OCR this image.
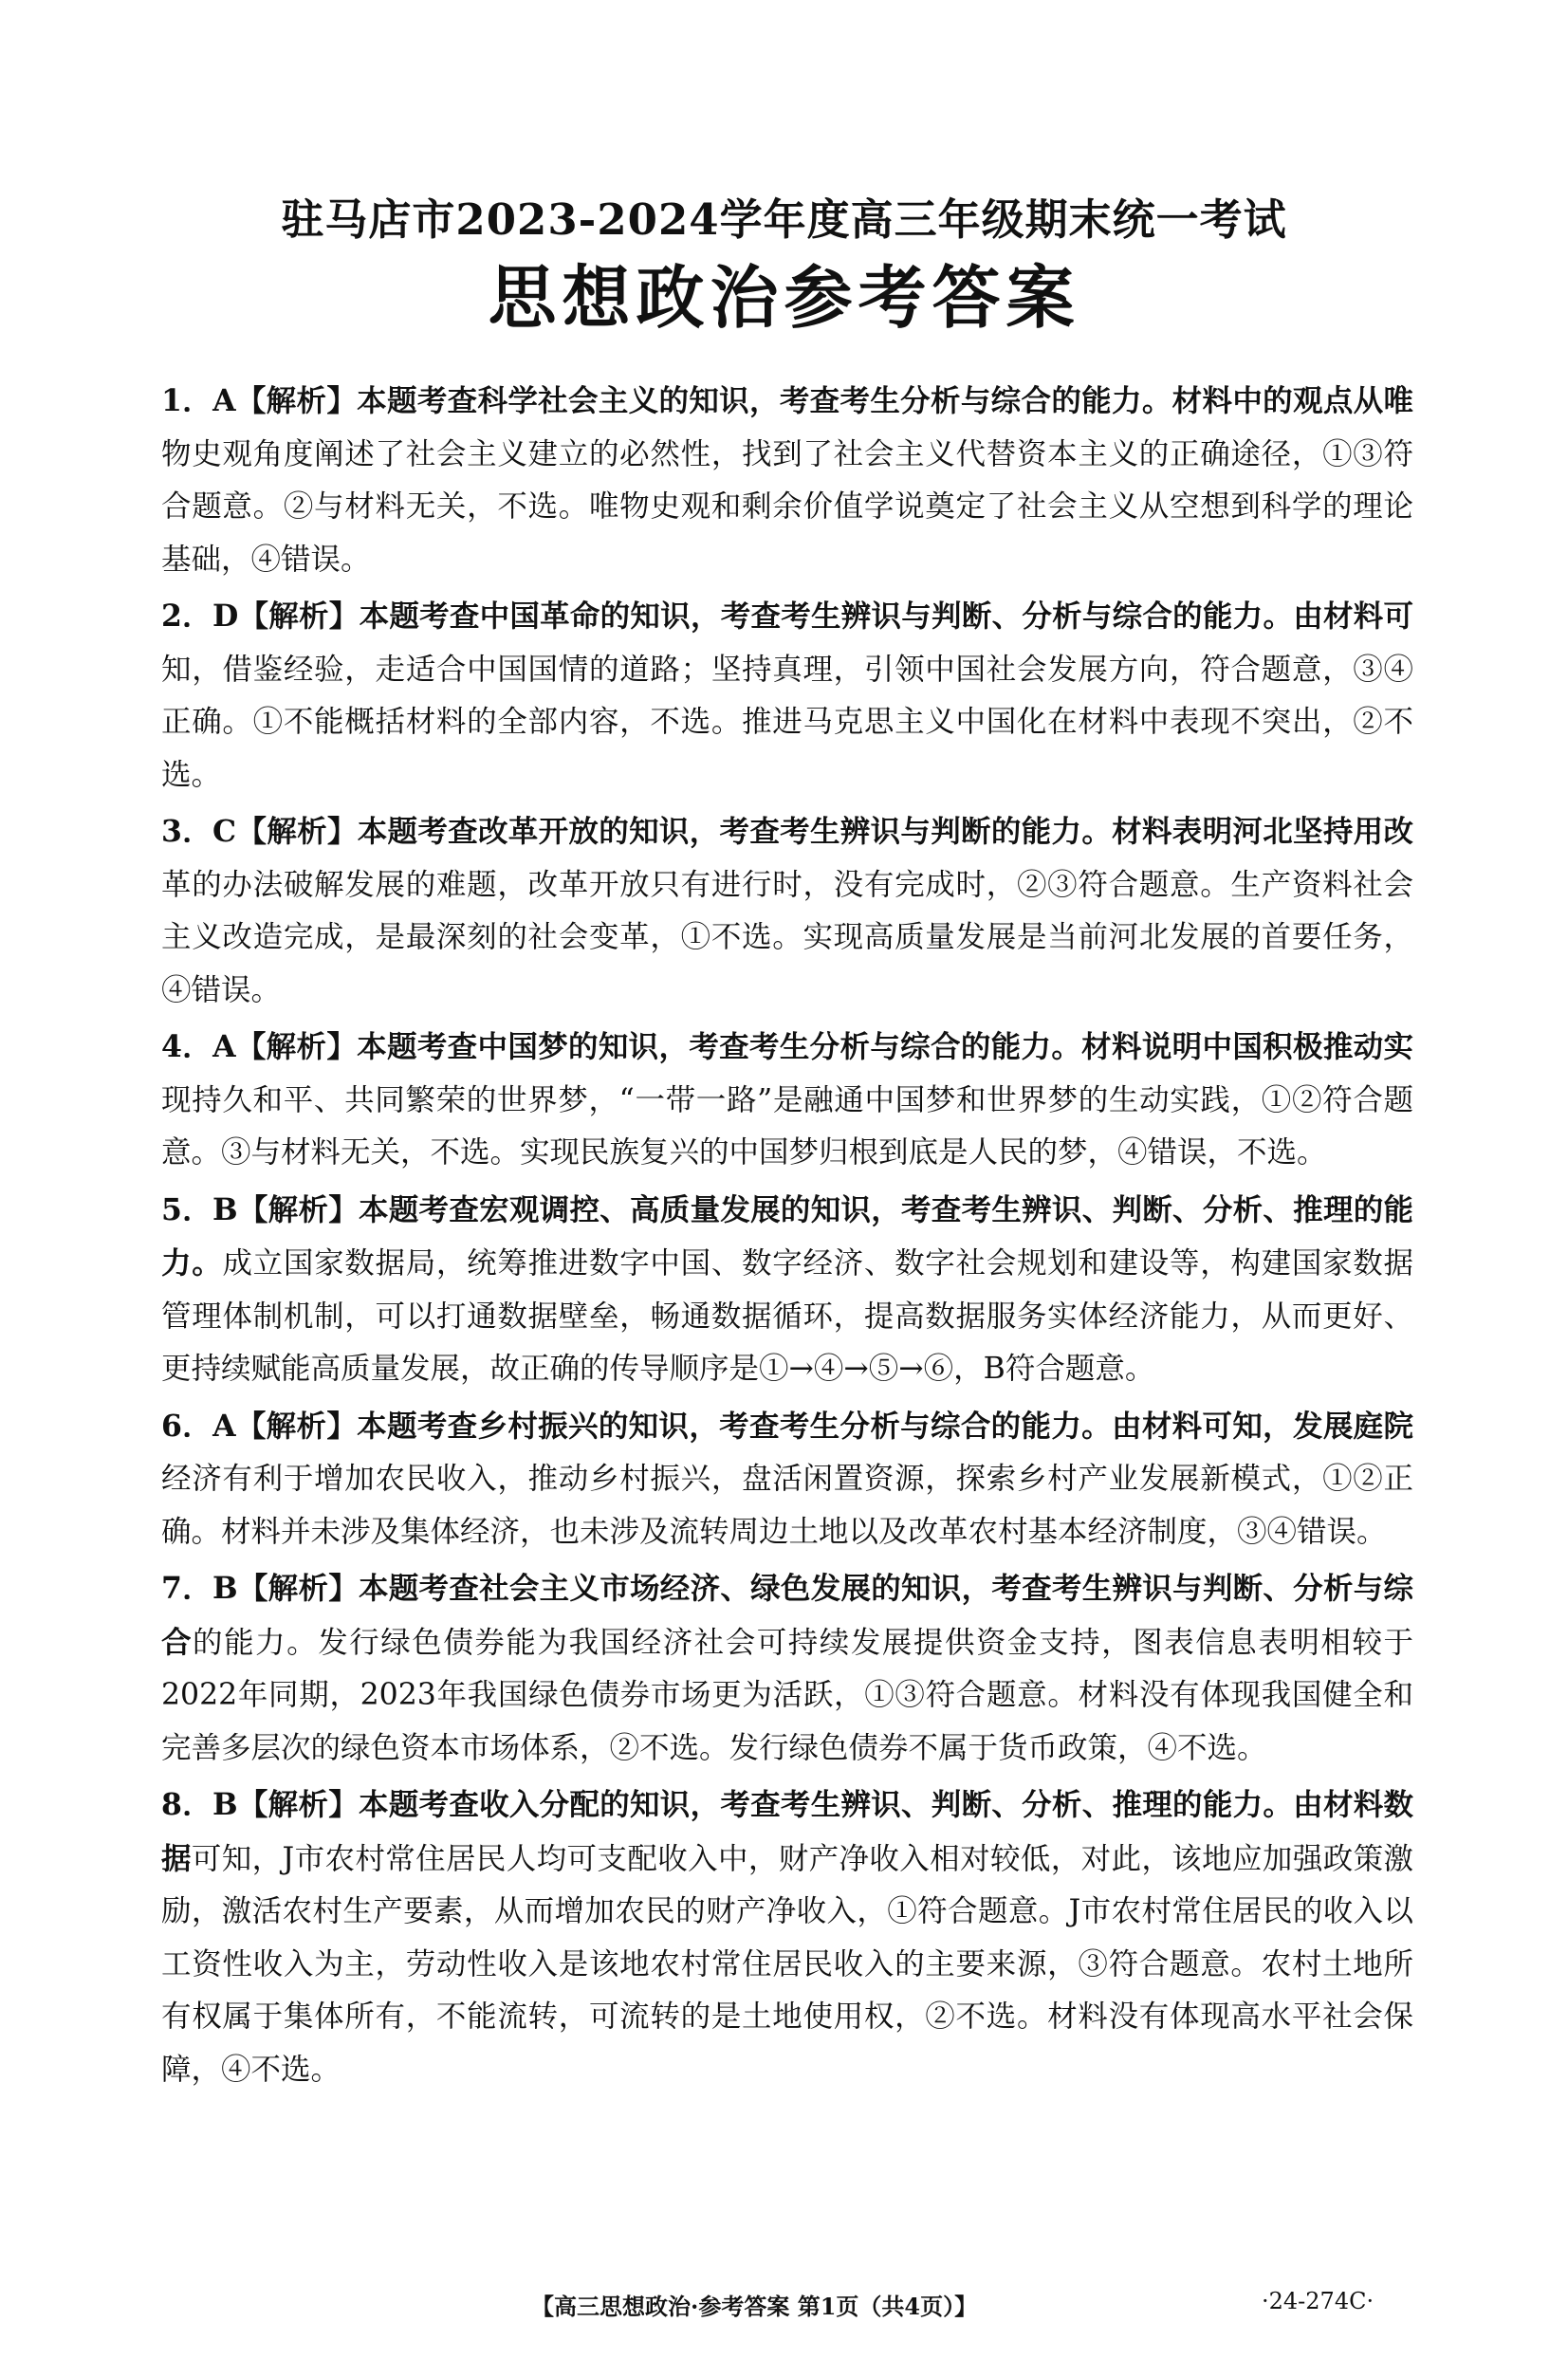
驻马店市2023-2024学年度高三年级期末统一考试
思想政治参考答案

1．A【解析】本题考查科学社会主义的知识，考查考生分析与综合的能力。材料中的观点从唯物史观角度阐述了社会主义建立的必然性，找到了社会主义代替资本主义的正确途径，①③符合题意。②与材料无关，不选。唯物史观和剩余价值学说奠定了社会主义从空想到科学的理论基础，④错误。

2．D【解析】本题考查中国革命的知识，考查考生辨识与判断、分析与综合的能力。由材料可知，借鉴经验，走适合中国国情的道路；坚持真理，引领中国社会发展方向，符合题意，③④正确。①不能概括材料的全部内容，不选。推进马克思主义中国化在材料中表现不突出，②不选。

3．C【解析】本题考查改革开放的知识，考查考生辨识与判断的能力。材料表明河北坚持用改革的办法破解发展的难题，改革开放只有进行时，没有完成时，②③符合题意。生产资料社会主义改造完成，是最深刻的社会变革，①不选。实现高质量发展是当前河北发展的首要任务，④错误。

4．A【解析】本题考查中国梦的知识，考查考生分析与综合的能力。材料说明中国积极推动实现持久和平、共同繁荣的世界梦，“一带一路”是融通中国梦和世界梦的生动实践，①②符合题意。③与材料无关，不选。实现民族复兴的中国梦归根到底是人民的梦，④错误，不选。

5．B【解析】本题考查宏观调控、高质量发展的知识，考查考生辨识、判断、分析、推理的能力。成立国家数据局，统筹推进数字中国、数字经济、数字社会规划和建设等，构建国家数据管理体制机制，可以打通数据壁垒，畅通数据循环，提高数据服务实体经济能力，从而更好、更持续赋能高质量发展，故正确的传导顺序是①→④→⑤→⑥，B符合题意。

6．A【解析】本题考查乡村振兴的知识，考查考生分析与综合的能力。由材料可知，发展庭院经济有利于增加农民收入，推动乡村振兴，盘活闲置资源，探索乡村产业发展新模式，①②正确。材料并未涉及集体经济，也未涉及流转周边土地以及改革农村基本经济制度，③④错误。

7．B【解析】本题考查社会主义市场经济、绿色发展的知识，考查考生辨识与判断、分析与综合的能力。发行绿色债券能为我国经济社会可持续发展提供资金支持，图表信息表明相较于2022年同期，2023年我国绿色债券市场更为活跃，①③符合题意。材料没有体现我国健全和完善多层次的绿色资本市场体系，②不选。发行绿色债券不属于货币政策，④不选。

8．B【解析】本题考查收入分配的知识，考查考生辨识、判断、分析、推理的能力。由材料数据可知，J市农村常住居民人均可支配收入中，财产净收入相对较低，对此，该地应加强政策激励，激活农村生产要素，从而增加农民的财产净收入，①符合题意。J市农村常住居民的收入以工资性收入为主，劳动性收入是该地农村常住居民收入的主要来源，③符合题意。农村土地所有权属于集体所有，不能流转，可流转的是土地使用权，②不选。材料没有体现高水平社会保障，④不选。

【高三思想政治·参考答案 第1页（共4页）】	·24-274C·
